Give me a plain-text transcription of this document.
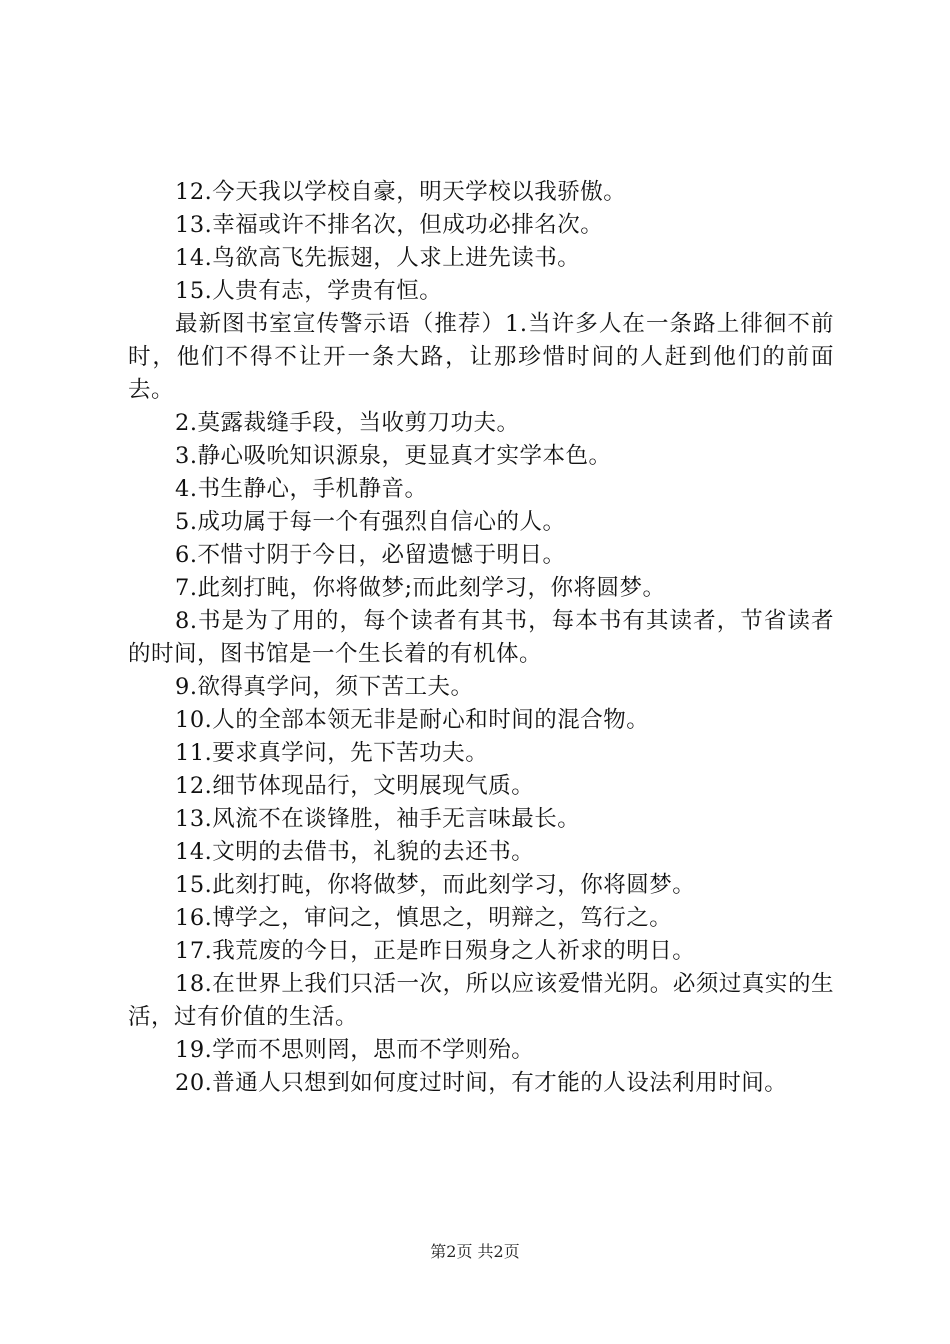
12.今天我以学校自豪，明天学校以我骄傲。

13.幸福或许不排名次，但成功必排名次。

14.鸟欲高飞先振翅，人求上进先读书。

15.人贵有志，学贵有恒。

最新图书室宣传警示语（推荐）1.当许多人在一条路上徘徊不前时，他们不得不让开一条大路，让那珍惜时间的人赶到他们的前面去。

2.莫露裁缝手段，当收剪刀功夫。

3.静心吸吮知识源泉，更显真才实学本色。

4.书生静心，手机静音。

5.成功属于每一个有强烈自信心的人。

6.不惜寸阴于今日，必留遗憾于明日。

7.此刻打盹，你将做梦;而此刻学习，你将圆梦。

8.书是为了用的，每个读者有其书，每本书有其读者，节省读者的时间，图书馆是一个生长着的有机体。

9.欲得真学问，须下苦工夫。

10.人的全部本领无非是耐心和时间的混合物。

11.要求真学问，先下苦功夫。

12.细节体现品行，文明展现气质。

13.风流不在谈锋胜，袖手无言味最长。

14.文明的去借书，礼貌的去还书。

15.此刻打盹，你将做梦，而此刻学习，你将圆梦。

16.博学之，审问之，慎思之，明辩之，笃行之。

17.我荒废的今日，正是昨日殒身之人祈求的明日。

18.在世界上我们只活一次，所以应该爱惜光阴。必须过真实的生活，过有价值的生活。

19.学而不思则罔，思而不学则殆。

20.普通人只想到如何度过时间，有才能的人设法利用时间。

第2页 共2页
